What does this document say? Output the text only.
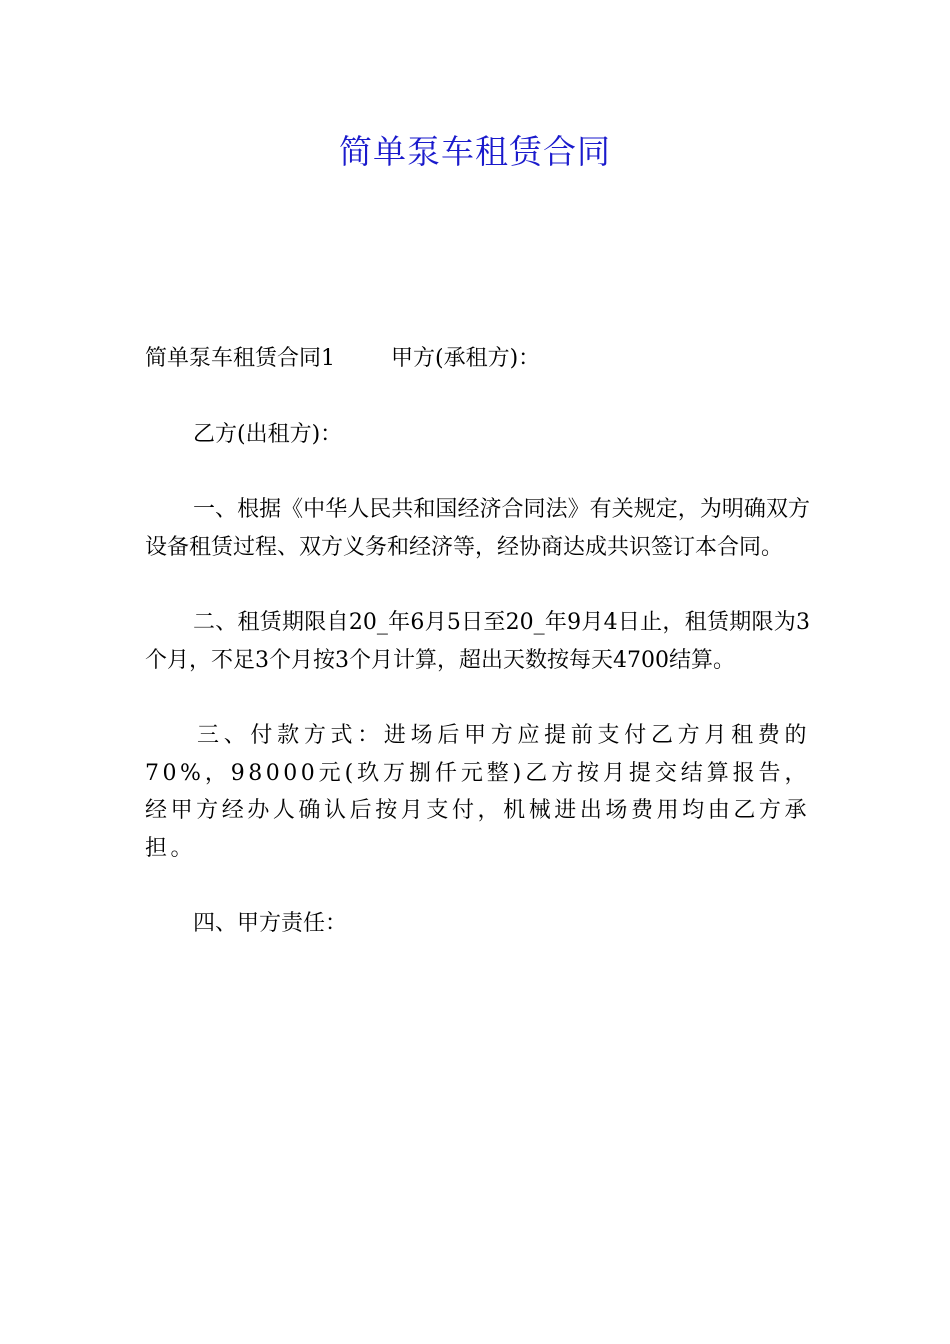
简单泵车租赁合同

简单泵车租赁合同1	甲方(承租方)：

乙方(出租方)：

一、根据《中华人民共和国经济合同法》有关规定，为明确双方设备租赁过程、双方义务和经济等，经协商达成共识签订本合同。

二、租赁期限自20_年6月5日至20_年9月4日止，租赁期限为3个月，不足3个月按3个月计算，超出天数按每天4700结算。

三、付款方式：进场后甲方应提前支付乙方月租费的70%，98000元(玖万捌仟元整)乙方按月提交结算报告，经甲方经办人确认后按月支付，机械进出场费用均由乙方承担。

四、甲方责任：
